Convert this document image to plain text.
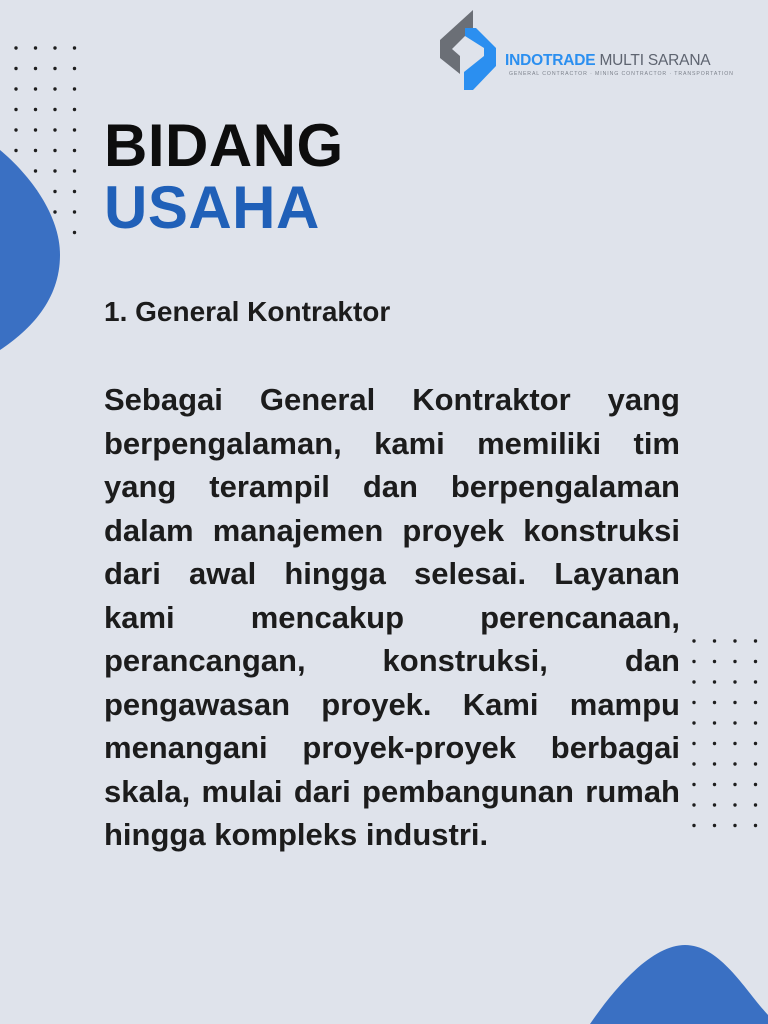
INDOTRADE MULTI SARANA
GENERAL CONTRACTOR · MINING CONTRACTOR · TRANSPORTATION
BIDANG
USAHA
1. General Kontraktor

Sebagai General Kontraktor yang berpengalaman, kami memiliki tim yang terampil dan berpengalaman dalam manajemen proyek konstruksi dari awal hingga selesai. Layanan kami mencakup perencanaan, perancangan, konstruksi, dan pengawasan proyek. Kami mampu menangani proyek-proyek berbagai skala, mulai dari pembangunan rumah hingga kompleks industri.
